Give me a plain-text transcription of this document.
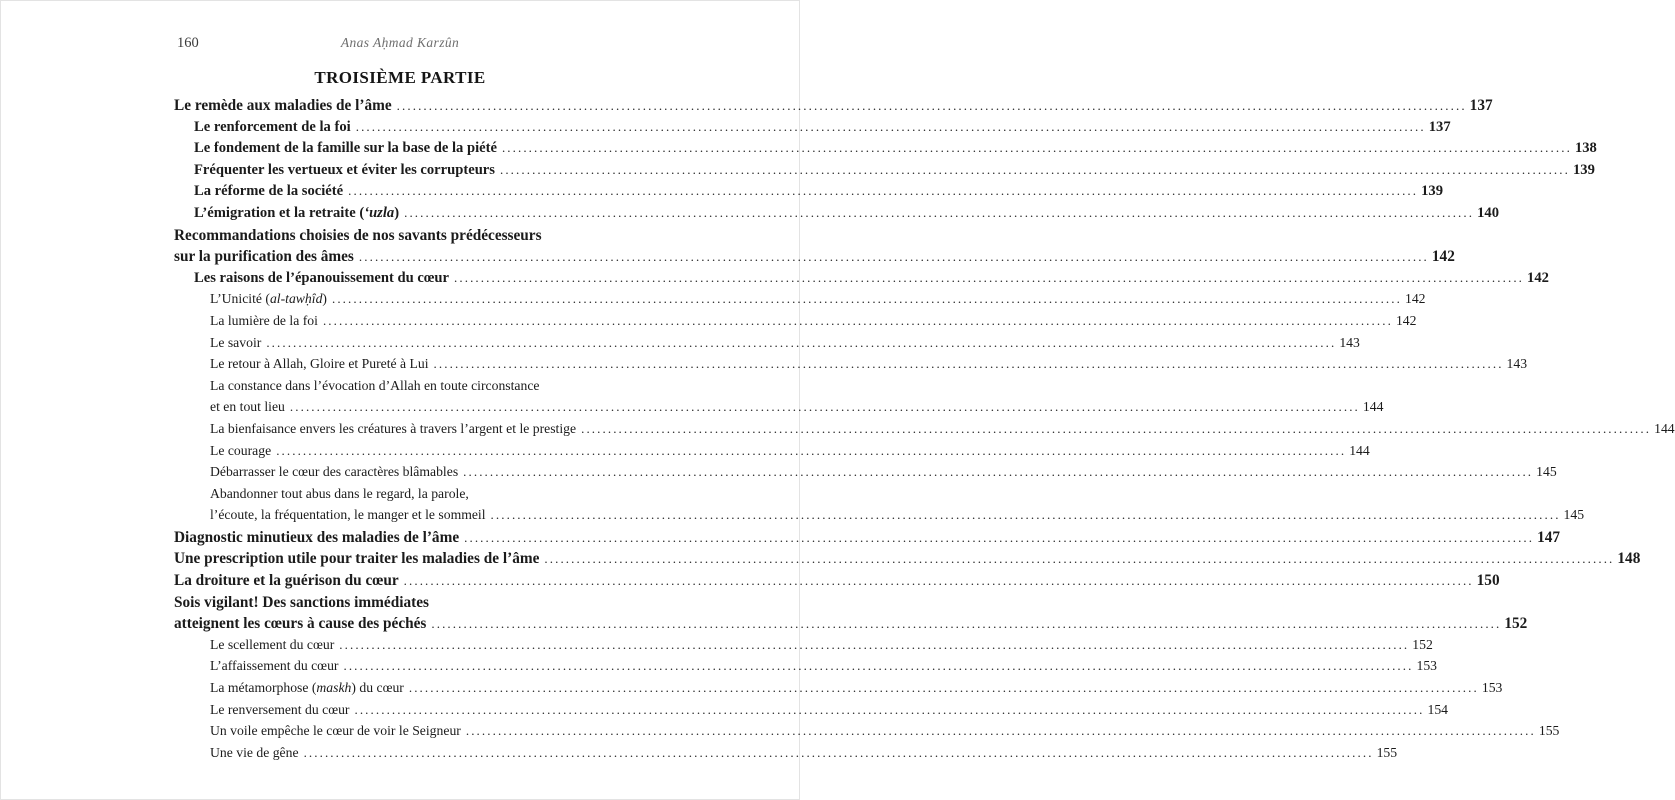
160	Anas Aḥmad Karzûn
TROISIÈME PARTIE
Le remède aux maladies de l’âme ........................................................................................................................................................................................................ 137
Le renforcement de la foi ........................................................................................................................................................................................................ 137
Le fondement de la famille sur la base de la piété ........................................................................................................................................................................................................ 138
Fréquenter les vertueux et éviter les corrupteurs ........................................................................................................................................................................................................ 139
La réforme de la société ........................................................................................................................................................................................................ 139
L’émigration et la retraite (‘uzla) ........................................................................................................................................................................................................ 140
Recommandations choisies de nos savants prédécesseurs
sur la purification des âmes ........................................................................................................................................................................................................ 142
Les raisons de l’épanouissement du cœur ........................................................................................................................................................................................................ 142
L’Unicité (al-tawḥîd) ........................................................................................................................................................................................................ 142
La lumière de la foi ........................................................................................................................................................................................................ 142
Le savoir ........................................................................................................................................................................................................ 143
Le retour à Allah, Gloire et Pureté à Lui ........................................................................................................................................................................................................ 143
La constance dans l’évocation d’Allah en toute circonstance
et en tout lieu ........................................................................................................................................................................................................ 144
La bienfaisance envers les créatures à travers l’argent et le prestige ........................................................................................................................................................................................................ 144
Le courage ........................................................................................................................................................................................................ 144
Débarrasser le cœur des caractères blâmables ........................................................................................................................................................................................................ 145
Abandonner tout abus dans le regard, la parole,
l’écoute, la fréquentation, le manger et le sommeil ........................................................................................................................................................................................................ 145
Diagnostic minutieux des maladies de l’âme ........................................................................................................................................................................................................ 147
Une prescription utile pour traiter les maladies de l’âme ........................................................................................................................................................................................................ 148
La droiture et la guérison du cœur ........................................................................................................................................................................................................ 150
Sois vigilant! Des sanctions immédiates
atteignent les cœurs à cause des péchés ........................................................................................................................................................................................................ 152
Le scellement du cœur ........................................................................................................................................................................................................ 152
L’affaissement du cœur ........................................................................................................................................................................................................ 153
La métamorphose (maskh) du cœur ........................................................................................................................................................................................................ 153
Le renversement du cœur ........................................................................................................................................................................................................ 154
Un voile empêche le cœur de voir le Seigneur ........................................................................................................................................................................................................ 155
Une vie de gêne ........................................................................................................................................................................................................ 155
